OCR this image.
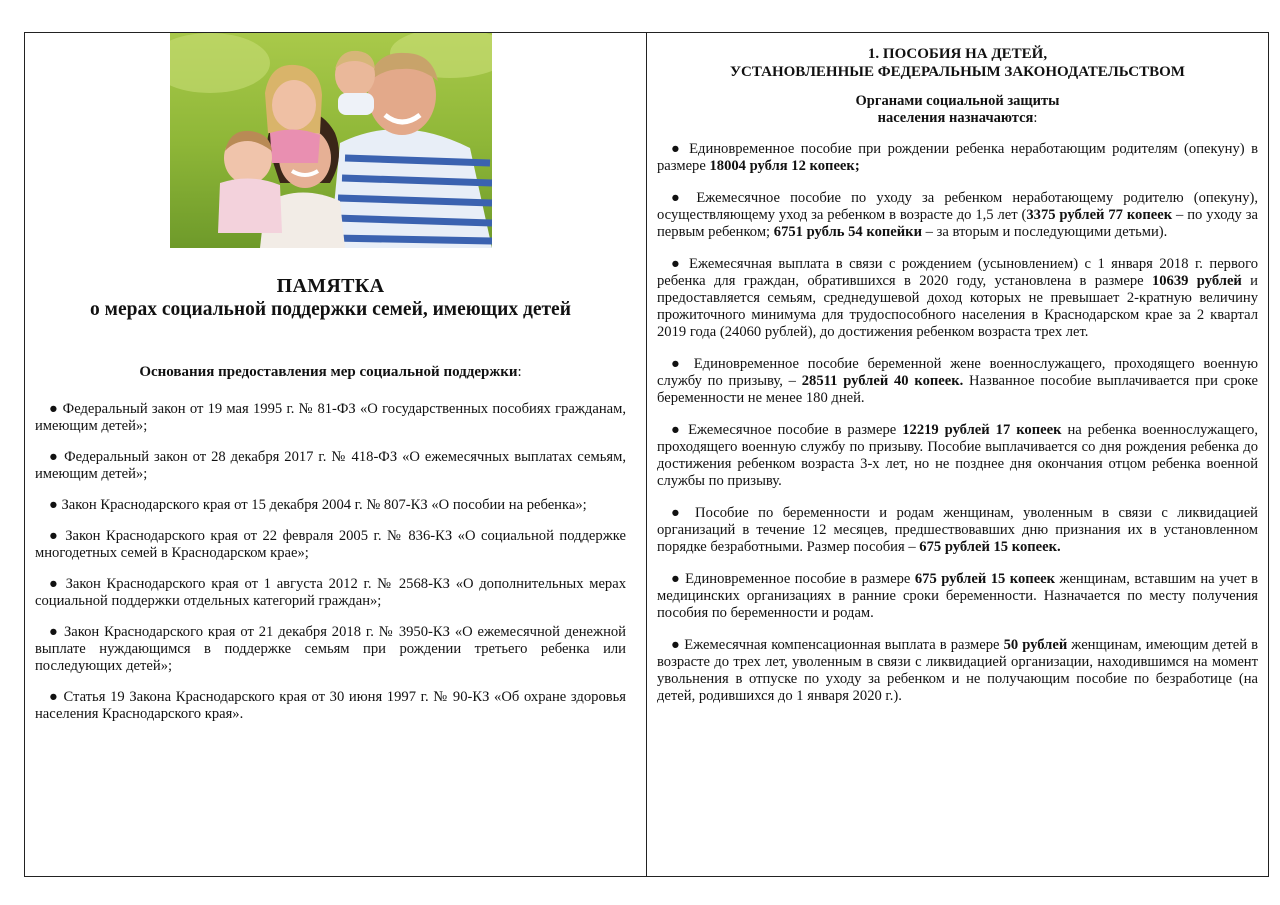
ПАМЯТКА
о мерах социальной поддержки семей, имеющих детей
Основания предоставления мер социальной поддержки:

● Федеральный закон от 19 мая 1995 г. № 81-ФЗ «О государственных пособиях гражданам, имеющим детей»;

● Федеральный закон от 28 декабря 2017 г. № 418-ФЗ «О ежемесячных выплатах семьям, имеющим детей»;

● Закон Краснодарского края от 15 декабря 2004 г. № 807-КЗ «О пособии на ребенка»;

● Закон Краснодарского края от 22 февраля 2005 г. № 836-КЗ «О социальной поддержке многодетных семей в Краснодарском крае»;

● Закон Краснодарского края от 1 августа 2012 г. № 2568-КЗ «О дополнительных мерах социальной поддержки отдельных категорий граждан»;

● Закон Краснодарского края от 21 декабря 2018 г. № 3950-КЗ «О ежемесячной денежной выплате нуждающимся в поддержке семьям при рождении третьего ребенка или последующих детей»;

● Статья 19 Закона Краснодарского края от 30 июня 1997 г. № 90-КЗ «Об охране здоровья населения Краснодарского края».

1. ПОСОБИЯ НА ДЕТЕЙ,
УСТАНОВЛЕННЫЕ ФЕДЕРАЛЬНЫМ ЗАКОНОДАТЕЛЬСТВОМ
Органами социальной защиты
населения назначаются:

● Единовременное пособие при рождении ребенка неработающим родителям (опекуну) в размере 18004 рубля 12 копеек;

● Ежемесячное пособие по уходу за ребенком неработающему родителю (опекуну), осуществляющему уход за ребенком в возрасте до 1,5 лет (3375 рублей 77 копеек – по уходу за первым ребенком; 6751 рубль 54 копейки – за вторым и последующими детьми).

● Ежемесячная выплата в связи с рождением (усыновлением) с 1 января 2018 г. первого ребенка для граждан, обратившихся в 2020 году, установлена в размере 10639 рублей и предоставляется семьям, среднедушевой доход которых не превышает 2-кратную величину прожиточного минимума для трудоспособного населения в Краснодарском крае за 2 квартал 2019 года (24060 рублей), до достижения ребенком возраста трех лет.

● Единовременное пособие беременной жене военнослужащего, проходящего военную службу по призыву, – 28511 рублей 40 копеек. Названное пособие выплачивается при сроке беременности не менее 180 дней.

● Ежемесячное пособие в размере 12219 рублей 17 копеек на ребенка военнослужащего, проходящего военную службу по призыву. Пособие выплачивается со дня рождения ребенка до достижения ребенком возраста 3-х лет, но не позднее дня окончания отцом ребенка военной службы по призыву.

● Пособие по беременности и родам женщинам, уволенным в связи с ликвидацией организаций в течение 12 месяцев, предшествовавших дню признания их в установленном порядке безработными. Размер пособия – 675 рублей 15 копеек.

● Единовременное пособие в размере 675 рублей 15 копеек женщинам, вставшим на учет в медицинских организациях в ранние сроки беременности. Назначается по месту получения пособия по беременности и родам.

● Ежемесячная компенсационная выплата в размере 50 рублей женщинам, имеющим детей в возрасте до трех лет, уволенным в связи с ликвидацией организации, находившимся на момент увольнения в отпуске по уходу за ребенком и не получающим пособие по безработице (на детей, родившихся до 1 января 2020 г.).
